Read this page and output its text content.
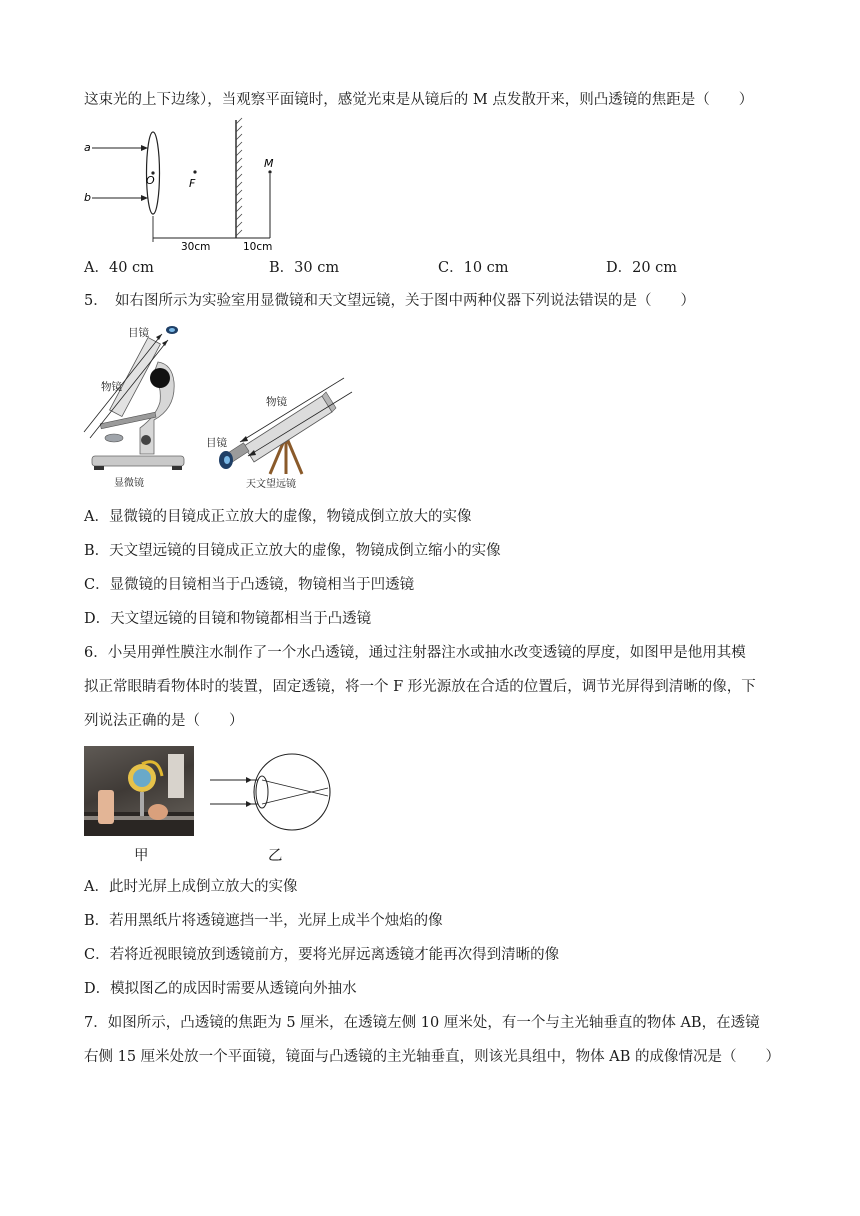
这束光的上下边缘），当观察平面镜时，感觉光束是从镜后的 M 点发散开来，则凸透镜的焦距是（　　）
a
b
O	F
M
30cm	10cm
A．40 cm	B．30 cm	C．10 cm	D．20 cm
5．　如右图所示为实验室用显微镜和天文望远镜，关于图中两种仪器下列说法错误的是（　　）
目镜
物镜
显微镜
物镜
目镜
天文望远镜
A．显微镜的目镜成正立放大的虚像，物镜成倒立放大的实像
B．天文望远镜的目镜成正立放大的虚像，物镜成倒立缩小的实像
C．显微镜的目镜相当于凸透镜，物镜相当于凹透镜
D．天文望远镜的目镜和物镜都相当于凸透镜
6．小吴用弹性膜注水制作了一个水凸透镜，通过注射器注水或抽水改变透镜的厚度，如图甲是他用其模
拟正常眼睛看物体时的装置，固定透镜，将一个 F 形光源放在合适的位置后，调节光屏得到清晰的像，下
列说法正确的是（　　）
甲	乙
A．此时光屏上成倒立放大的实像
B．若用黑纸片将透镜遮挡一半，光屏上成半个烛焰的像
C．若将近视眼镜放到透镜前方，要将光屏远离透镜才能再次得到清晰的像
D．模拟图乙的成因时需要从透镜向外抽水
7．如图所示，凸透镜的焦距为 5 厘米，在透镜左侧 10 厘米处，有一个与主光轴垂直的物体 AB，在透镜
右侧 15 厘米处放一个平面镜，镜面与凸透镜的主光轴垂直，则该光具组中，物体 AB 的成像情况是（　　）
